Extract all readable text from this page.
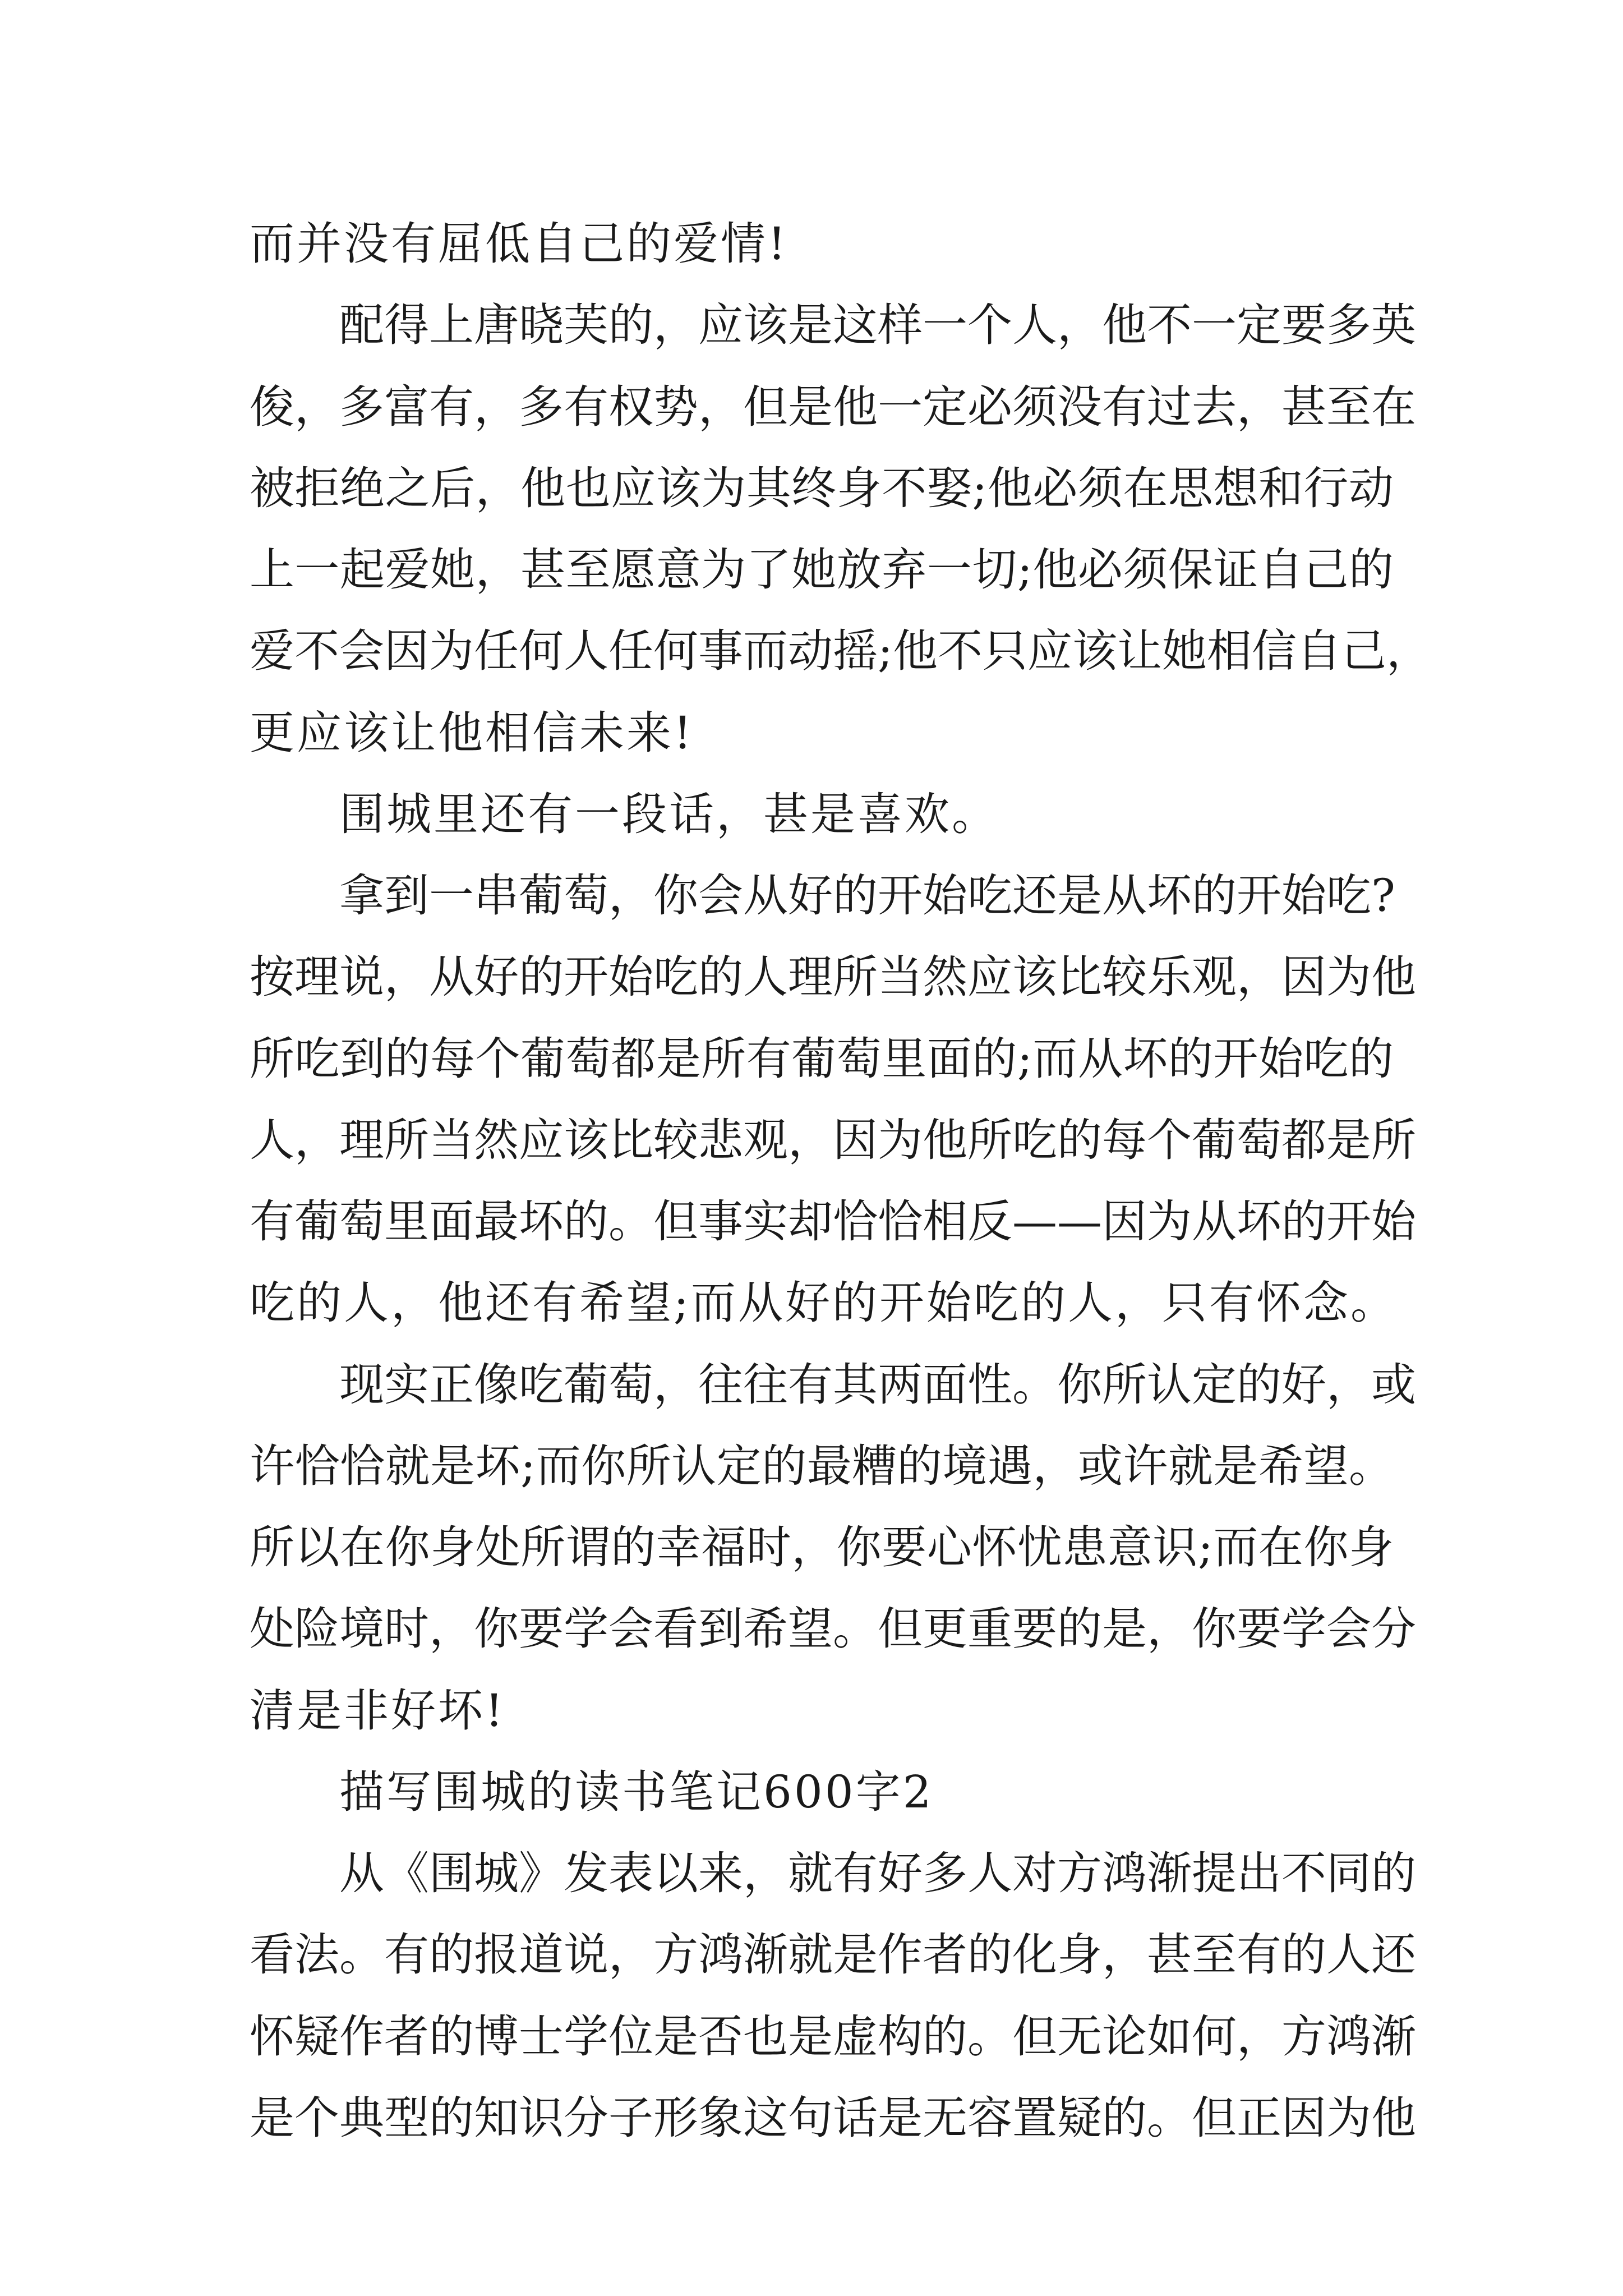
而并没有屈低自己的爱情!
配得上唐晓芙的，应该是这样一个人，他不一定要多英
俊，多富有，多有权势，但是他一定必须没有过去，甚至在
被拒绝之后，他也应该为其终身不娶;他必须在思想和行动
上一起爱她，甚至愿意为了她放弃一切;他必须保证自己的
爱不会因为任何人任何事而动摇;他不只应该让她相信自己，
更应该让他相信未来!
围城里还有一段话，甚是喜欢。
拿到一串葡萄，你会从好的开始吃还是从坏的开始吃?
按理说，从好的开始吃的人理所当然应该比较乐观，因为他
所吃到的每个葡萄都是所有葡萄里面的;而从坏的开始吃的
人，理所当然应该比较悲观，因为他所吃的每个葡萄都是所
有葡萄里面最坏的。但事实却恰恰相反——因为从坏的开始
吃的人，他还有希望;而从好的开始吃的人，只有怀念。
现实正像吃葡萄，往往有其两面性。你所认定的好，或
许恰恰就是坏;而你所认定的最糟的境遇，或许就是希望。
所以在你身处所谓的幸福时，你要心怀忧患意识;而在你身
处险境时，你要学会看到希望。但更重要的是，你要学会分
清是非好坏!
描写围城的读书笔记600字2
从《围城》发表以来，就有好多人对方鸿渐提出不同的
看法。有的报道说，方鸿渐就是作者的化身，甚至有的人还
怀疑作者的博士学位是否也是虚构的。但无论如何，方鸿渐
是个典型的知识分子形象这句话是无容置疑的。但正因为他
